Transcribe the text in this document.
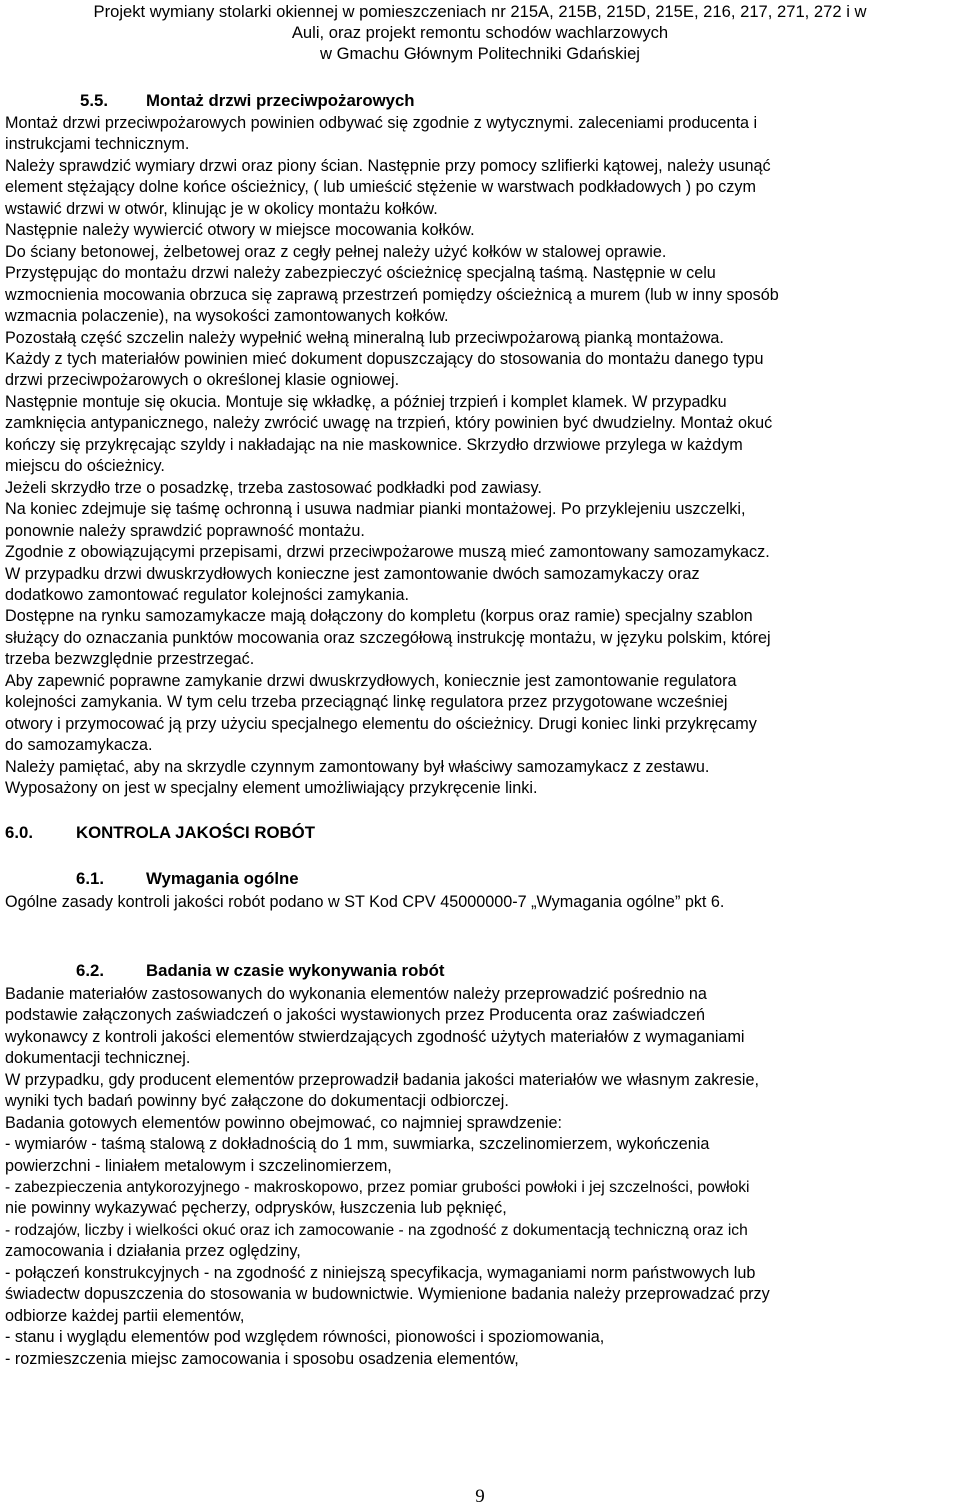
Projekt wymiany stolarki okiennej w pomieszczeniach nr 215A, 215B, 215D, 215E, 216, 217, 271, 272 i w
Auli, oraz projekt remontu schodów wachlarzowych
w Gmachu Głównym Politechniki Gdańskiej
5.5. Montaż drzwi przeciwpożarowych
Montaż drzwi przeciwpożarowych powinien odbywać się zgodnie z wytycznymi. zaleceniami producenta i
instrukcjami technicznym.
Należy sprawdzić wymiary drzwi oraz piony ścian. Następnie przy pomocy szlifierki kątowej, należy usunąć
element stężający dolne końce ościeżnicy, ( lub umieścić stężenie w warstwach podkładowych ) po czym
wstawić drzwi w otwór, klinując je w okolicy montażu kołków.
Następnie należy wywiercić otwory w miejsce mocowania kołków.
Do ściany betonowej, żelbetowej oraz z cegły pełnej należy użyć kołków w stalowej oprawie.
Przystępując do montażu drzwi należy zabezpieczyć ościeżnicę specjalną taśmą. Następnie w celu
wzmocnienia mocowania obrzuca się zaprawą przestrzeń pomiędzy ościeżnicą a murem (lub w inny sposób
wzmacnia polaczenie), na wysokości zamontowanych kołków.
Pozostałą część szczelin należy wypełnić wełną mineralną lub przeciwpożarową pianką montażowa.
Każdy z tych materiałów powinien mieć dokument dopuszczający do stosowania do montażu danego typu
drzwi przeciwpożarowych o określonej klasie ogniowej.
Następnie montuje się okucia. Montuje się wkładkę, a później trzpień i komplet klamek. W przypadku
zamknięcia antypanicznego, należy zwrócić uwagę na trzpień, który powinien być dwudzielny. Montaż okuć
kończy się przykręcając szyldy i nakładając na nie maskownice. Skrzydło drzwiowe przylega w każdym
miejscu do ościeżnicy.
Jeżeli skrzydło trze o posadzkę, trzeba zastosować podkładki pod zawiasy.
Na koniec zdejmuje się taśmę ochronną i usuwa nadmiar pianki montażowej. Po przyklejeniu uszczelki,
ponownie należy sprawdzić poprawność montażu.
Zgodnie z obowiązującymi przepisami, drzwi przeciwpożarowe muszą mieć zamontowany samozamykacz.
W przypadku drzwi dwuskrzydłowych konieczne jest zamontowanie dwóch samozamykaczy oraz
dodatkowo zamontować regulator kolejności zamykania.
Dostępne na rynku samozamykacze mają dołączony do kompletu (korpus oraz ramie) specjalny szablon
służący do oznaczania punktów mocowania oraz szczegółową instrukcję montażu, w języku polskim, której
trzeba bezwzględnie przestrzegać.
Aby zapewnić poprawne zamykanie drzwi dwuskrzydłowych, koniecznie jest zamontowanie regulatora
kolejności zamykania. W tym celu trzeba przeciągnąć linkę regulatora przez przygotowane wcześniej
otwory i przymocować ją przy użyciu specjalnego elementu do ościeżnicy. Drugi koniec linki przykręcamy
do samozamykacza.
Należy pamiętać, aby na skrzydle czynnym zamontowany był właściwy samozamykacz z zestawu.
Wyposażony on jest w specjalny element umożliwiający przykręcenie linki.
6.0.	KONTROLA JAKOŚCI ROBÓT
6.1.	Wymagania ogólne
Ogólne zasady kontroli jakości robót podano w ST Kod CPV 45000000-7 „Wymagania ogólne” pkt 6.
6.2.	Badania w czasie wykonywania robót
Badanie materiałów zastosowanych do wykonania elementów należy przeprowadzić pośrednio na
podstawie załączonych zaświadczeń o jakości wystawionych przez Producenta oraz zaświadczeń
wykonawcy z kontroli jakości elementów stwierdzających zgodność użytych materiałów z wymaganiami
dokumentacji technicznej.
W przypadku, gdy producent elementów przeprowadził badania jakości materiałów we własnym zakresie,
wyniki tych badań powinny być załączone do dokumentacji odbiorczej.
Badania gotowych elementów powinno obejmować, co najmniej sprawdzenie:
- wymiarów - taśmą stalową z dokładnością do 1 mm, suwmiarka, szczelinomierzem, wykończenia
powierzchni - liniałem metalowym i szczelinomierzem,
- zabezpieczenia antykorozyjnego - makroskopowo, przez pomiar grubości powłoki i jej szczelności, powłoki
nie powinny wykazywać pęcherzy, odprysków, łuszczenia lub pęknięć,
- rodzajów, liczby i wielkości okuć oraz ich zamocowanie - na zgodność z dokumentacją techniczną oraz ich
zamocowania i działania przez oględziny,
- połączeń konstrukcyjnych - na zgodność z niniejszą specyfikacja, wymaganiami norm państwowych lub
świadectw dopuszczenia do stosowania w budownictwie. Wymienione badania należy przeprowadzać przy
odbiorze każdej partii elementów,
- stanu i wyglądu elementów pod względem równości, pionowości i spoziomowania,
- rozmieszczenia miejsc zamocowania i sposobu osadzenia elementów,
9
